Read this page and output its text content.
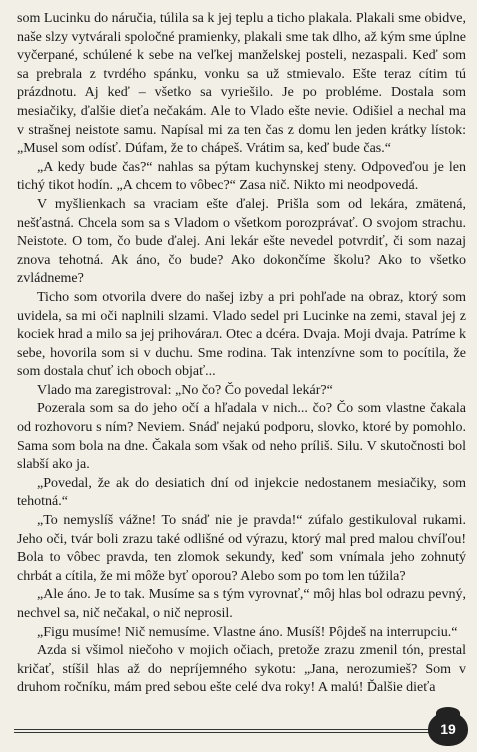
som Lucinku do náručia, túlila sa k jej teplu a ticho plakala. Plakali sme obidve, naše slzy vytvárali spoločné pramienky, plakali sme tak dlho, až kým sme úplne vyčerpané, schúlené k sebe na veľkej manželskej posteli, nezaspali. Keď som sa prebrala z tvrdého spánku, vonku sa už stmievalo. Ešte teraz cítim tú prázdnotu. Aj keď – všetko sa vyriešilo. Je po probléme. Dostala som mesiačiky, ďalšie dieťa nečakám. Ale to Vlado ešte nevie. Odišiel a nechal ma v strašnej neistote samu. Napísal mi za ten čas z domu len jeden krátky lístok: „Musel som odísť. Dúfam, že to chápeš. Vrátim sa, keď bude čas.“

„A kedy bude čas?“ nahlas sa pýtam kuchynskej steny. Odpoveďou je len tichý tikot hodín. „A chcem to vôbec?“ Zasa nič. Nikto mi neodpovedá.

V myšlienkach sa vraciam ešte ďalej. Prišla som od lekára, zmätená, nešťastná. Chcela som sa s Vladom o všetkom porozprávať. O svojom strachu. Neistote. O tom, čo bude ďalej. Ani lekár ešte nevedel potvrdiť, či som nazaj znova tehotná. Ak áno, čo bude? Ako dokončíme školu? Ako to všetko zvládneme?

Ticho som otvorila dvere do našej izby a pri pohľade na obraz, ktorý som uvidela, sa mi oči naplnili slzami. Vlado sedel pri Lucinke na zemi, staval jej z kociek hrad a milo sa jej prihovárал. Otec a dcéra. Dvaja. Moji dvaja. Patríme k sebe, hovorila som si v duchu. Sme rodina. Tak intenzívne som to pocítila, že som dostala chuť ich oboch objať...

Vlado ma zaregistroval: „No čo? Čo povedal lekár?“

Pozerala som sa do jeho očí a hľadala v nich... čo? Čo som vlastne čakala od rozhovoru s ním? Neviem. Snáď nejakú podporu, slovko, ktoré by pomohlo. Sama som bola na dne. Čakala som však od neho príliš. Silu. V skutočnosti bol slabší ako ja.

„Povedal, že ak do desiatich dní od injekcie nedostanem mesiačiky, som tehotná.“

„To nemyslíš vážne! To snáď nie je pravda!“ zúfalo gestikuloval rukami. Jeho oči, tvár boli zrazu také odlišné od výrazu, ktorý mal pred malou chvíľou! Bola to vôbec pravda, ten zlomok sekundy, keď som vnímala jeho zohnutý chrbát a cítila, že mi môže byť oporou? Alebo som po tom len túžila?

„Ale áno. Je to tak. Musíme sa s tým vyrovnať,“ môj hlas bol odrazu pevný, nechvel sa, nič nečakal, o nič neprosil.

„Figu musíme! Nič nemusíme. Vlastne áno. Musíš! Pôjdeš na interrupciu.“

Azda si všimol niečoho v mojich očiach, pretože zrazu zmenil tón, prestal kričať, stíšil hlas až do nepríjemného sykotu: „Jana, nerozumieš? Som v druhom ročníku, mám pred sebou ešte celé dva roky! A malú! Ďalšie dieťa

19
